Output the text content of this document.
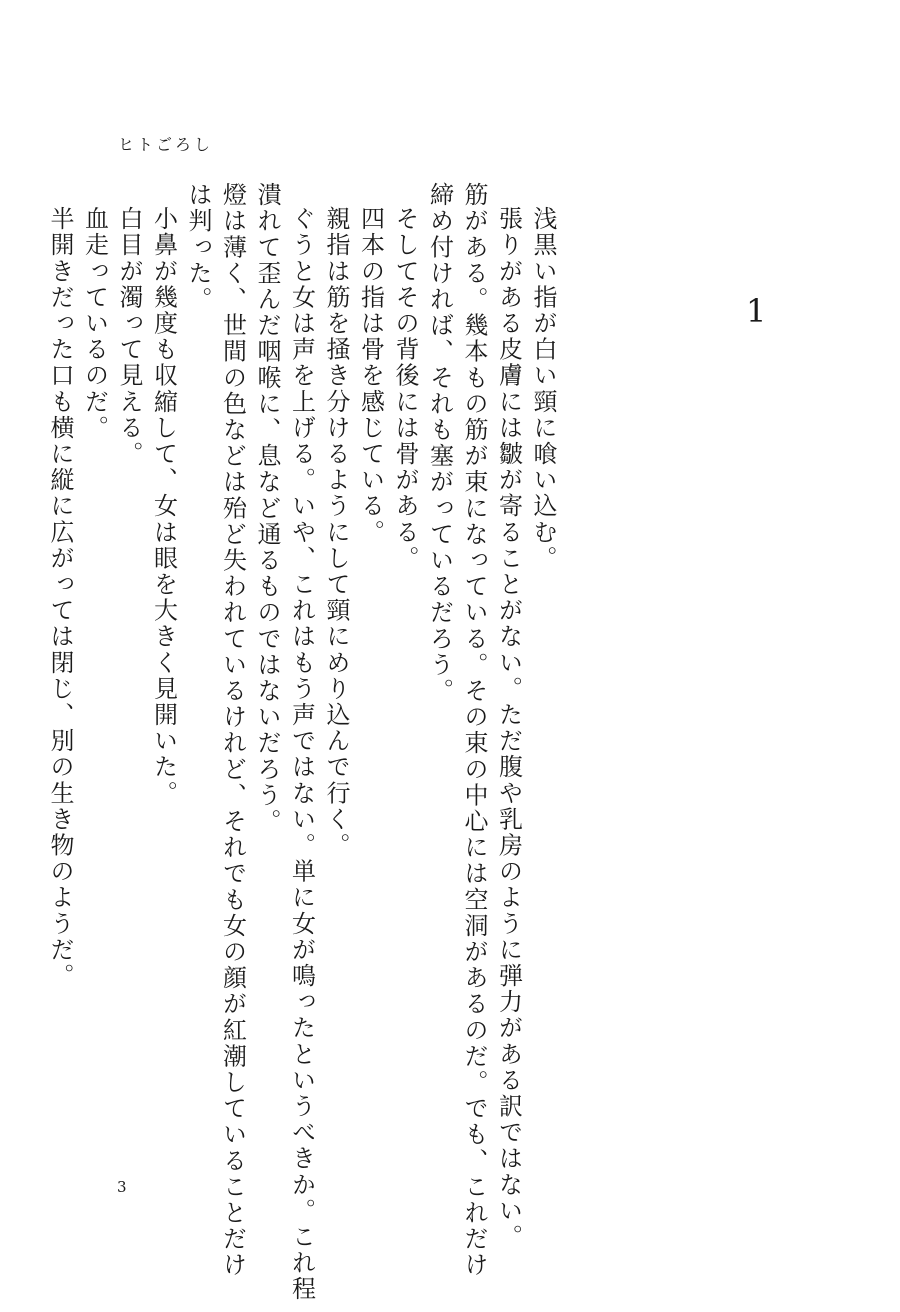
ヒトごろし
1
浅黒い指が白い頸に喰い込む。
張りがある皮膚には皺が寄ることがない。ただ腹や乳房のように弾力がある訳ではない。
筋がある。幾本もの筋が束になっている。その束の中心には空洞があるのだ。でも、これだけ
締め付ければ、それも塞がっているだろう。
そしてその背後には骨がある。
四本の指は骨を感じている。
親指は筋を掻き分けるようにして頸にめり込んで行く。
ぐうと女は声を上げる。いや、これはもう声ではない。単に女が鳴ったというべきか。これ程
潰れて歪んだ咽喉に、息など通るものではないだろう。
燈は薄く、世間の色などは殆ど失われているけれど、それでも女の顔が紅潮していることだけ
は判った。
小鼻が幾度も収縮して、女は眼を大きく見開いた。
白目が濁って見える。
血走っているのだ。
半開きだった口も横に縦に広がっては閉じ、別の生き物のようだ。
3
